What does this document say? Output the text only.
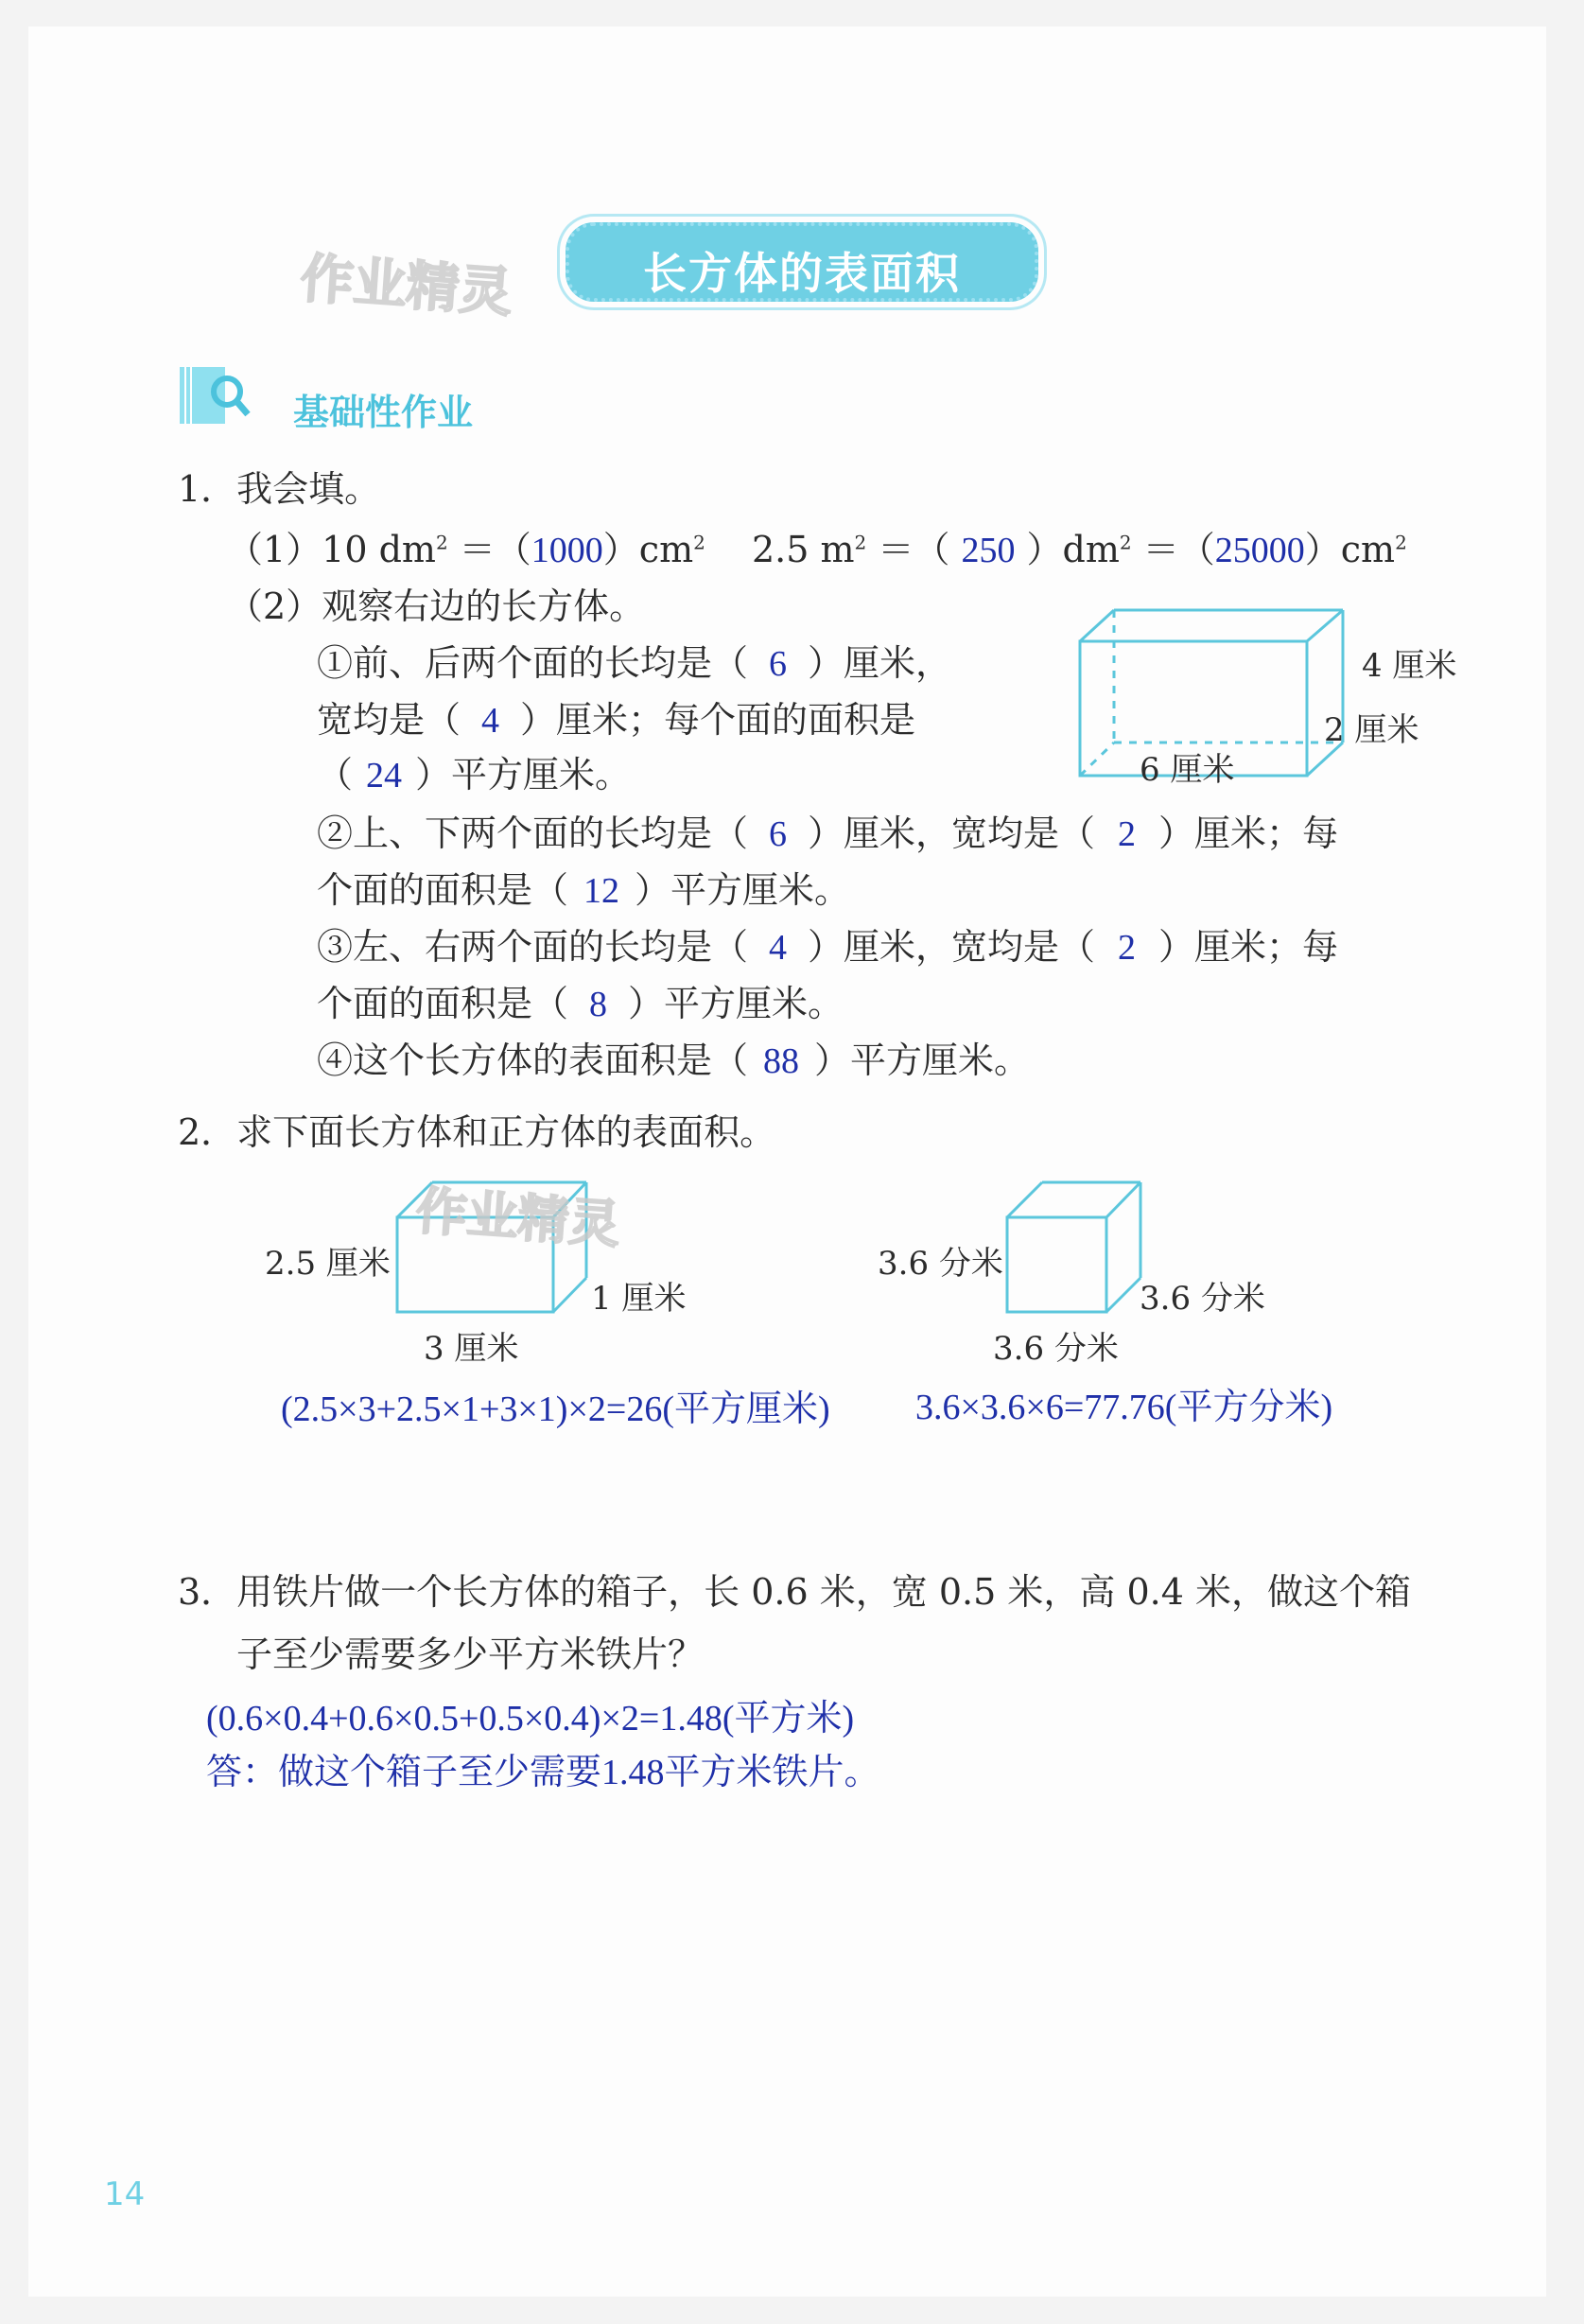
作业精灵	长方体的表面积
基础性作业
1．我会填。
（1）10 $dm^2 =(1000)cm^2$ 2.5 $m^2$ ＝（ 250 ）$dm^2 =(25000)cm^2$
（2）观察右边的长方体。
①前、后两个面的长均是（ 6 ）厘米，
宽均是（ 4 ）厘米；每个面的面积是
（ 24 ）平方厘米。
4 厘米
2 厘米
6 厘米
②上、下两个面的长均是（ 6 ）厘米，宽均是（ 2 ）厘米；每
个面的面积是（ 12 ）平方厘米。
③左、右两个面的长均是（ 4 ）厘米，宽均是（ 2 ）厘米；每
个面的面积是（ 8 ）平方厘米。
④这个长方体的表面积是（ 88 ）平方厘米。
2．求下面长方体和正方体的表面积。
作业精灵
2.5 厘米
1 厘米
3 厘米
3.6 分米
3.6 分米
3.6 分米
(2.5×3+2.5×1+3×1)×2=26(平方厘米) 3.6×3.6×6=77.76(平方分米)
3．用铁片做一个长方体的箱子，长 0.6 米，宽 0.5 米，高 0.4 米，做这个箱
子至少需要多少平方米铁片？
(0.6×0.4+0.6×0.5+0.5×0.4)×2=1.48(平方米)
答：做这个箱子至少需要1.48平方米铁片。
14
